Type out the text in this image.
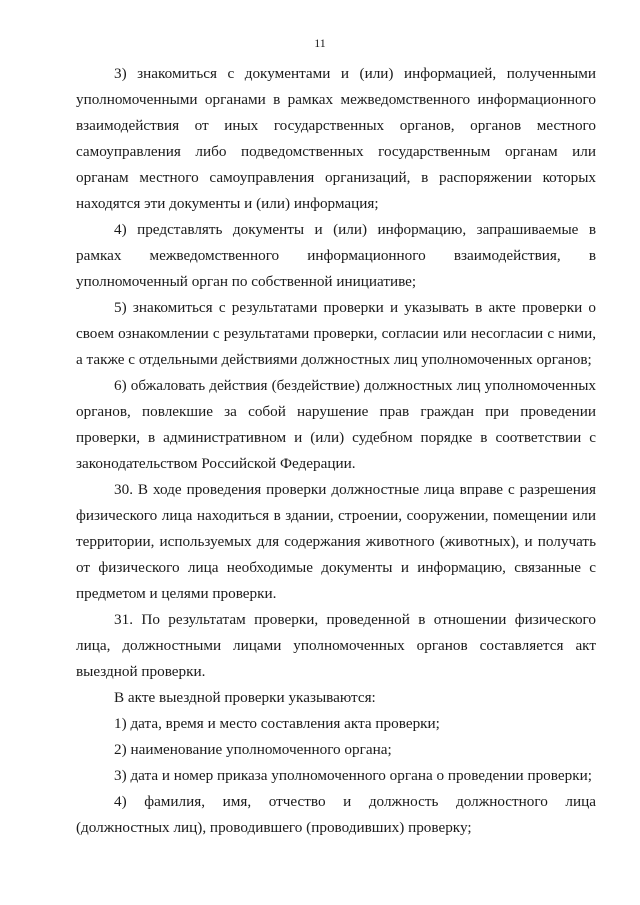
11

3) знакомиться с документами и (или) информацией, полученными уполномоченными органами в рамках межведомственного информационного взаимодействия от иных государственных органов, органов местного самоуправления либо подведомственных государственным органам или органам местного самоуправления организаций, в распоряжении которых находятся эти документы и (или) информация;

4) представлять документы и (или) информацию, запрашиваемые в рамках межведомственного информационного взаимодействия, в уполномоченный орган по собственной инициативе;

5) знакомиться с результатами проверки и указывать в акте проверки о своем ознакомлении с результатами проверки, согласии или несогласии с ними, а также с отдельными действиями должностных лиц уполномоченных органов;

6) обжаловать действия (бездействие) должностных лиц уполномоченных органов, повлекшие за собой нарушение прав граждан при проведении проверки, в административном и (или) судебном порядке в соответствии с законодательством Российской Федерации.

30. В ходе проведения проверки должностные лица вправе с разрешения физического лица находиться в здании, строении, сооружении, помещении или территории, используемых для содержания животного (животных), и получать от физического лица необходимые документы и информацию, связанные с предметом и целями проверки.

31. По результатам проверки, проведенной в отношении физического лица, должностными лицами уполномоченных органов составляется акт выездной проверки.

В акте выездной проверки указываются:

1) дата, время и место составления акта проверки;

2) наименование уполномоченного органа;

3) дата и номер приказа уполномоченного органа о проведении проверки;

4) фамилия, имя, отчество и должность должностного лица (должностных лиц), проводившего (проводивших) проверку;
